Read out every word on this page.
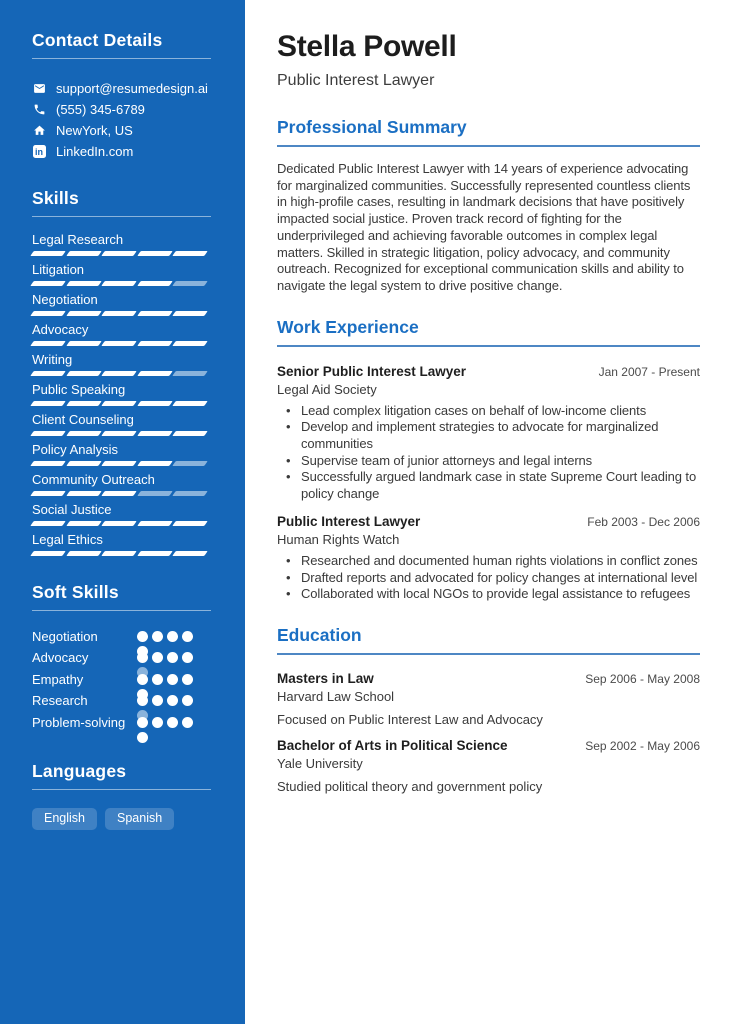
Contact Details
support@resumedesign.ai
(555) 345-6789
NewYork, US
in LinkedIn.com
Skills
Legal Research
Litigation
Negotiation
Advocacy
Writing
Public Speaking
Client Counseling
Policy Analysis
Community Outreach
Social Justice
Legal Ethics
Soft Skills
Negotiation
Advocacy
Empathy
Research
Problem-solving
Languages
English	Spanish
Stella Powell
Public Interest Lawyer
Professional Summary

Dedicated Public Interest Lawyer with 14 years of experience advocating for marginalized communities. Successfully represented countless clients in high-profile cases, resulting in landmark decisions that have positively impacted social justice. Proven track record of fighting for the underprivileged and achieving favorable outcomes in complex legal matters. Skilled in strategic litigation, policy advocacy, and community outreach. Recognized for exceptional communication skills and ability to navigate the legal system to drive positive change.

Work Experience
Senior Public Interest Lawyer	Jan 2007 - Present
Legal Aid Society
• Lead complex litigation cases on behalf of low-income clients
• Develop and implement strategies to advocate for marginalized communities
• Supervise team of junior attorneys and legal interns
• Successfully argued landmark case in state Supreme Court leading to policy change
Public Interest Lawyer	Feb 2003 - Dec 2006
Human Rights Watch
• Researched and documented human rights violations in conflict zones
• Drafted reports and advocated for policy changes at international level
• Collaborated with local NGOs to provide legal assistance to refugees
Education
Masters in Law	Sep 2006 - May 2008
Harvard Law School
Focused on Public Interest Law and Advocacy
Bachelor of Arts in Political Science	Sep 2002 - May 2006
Yale University
Studied political theory and government policy
